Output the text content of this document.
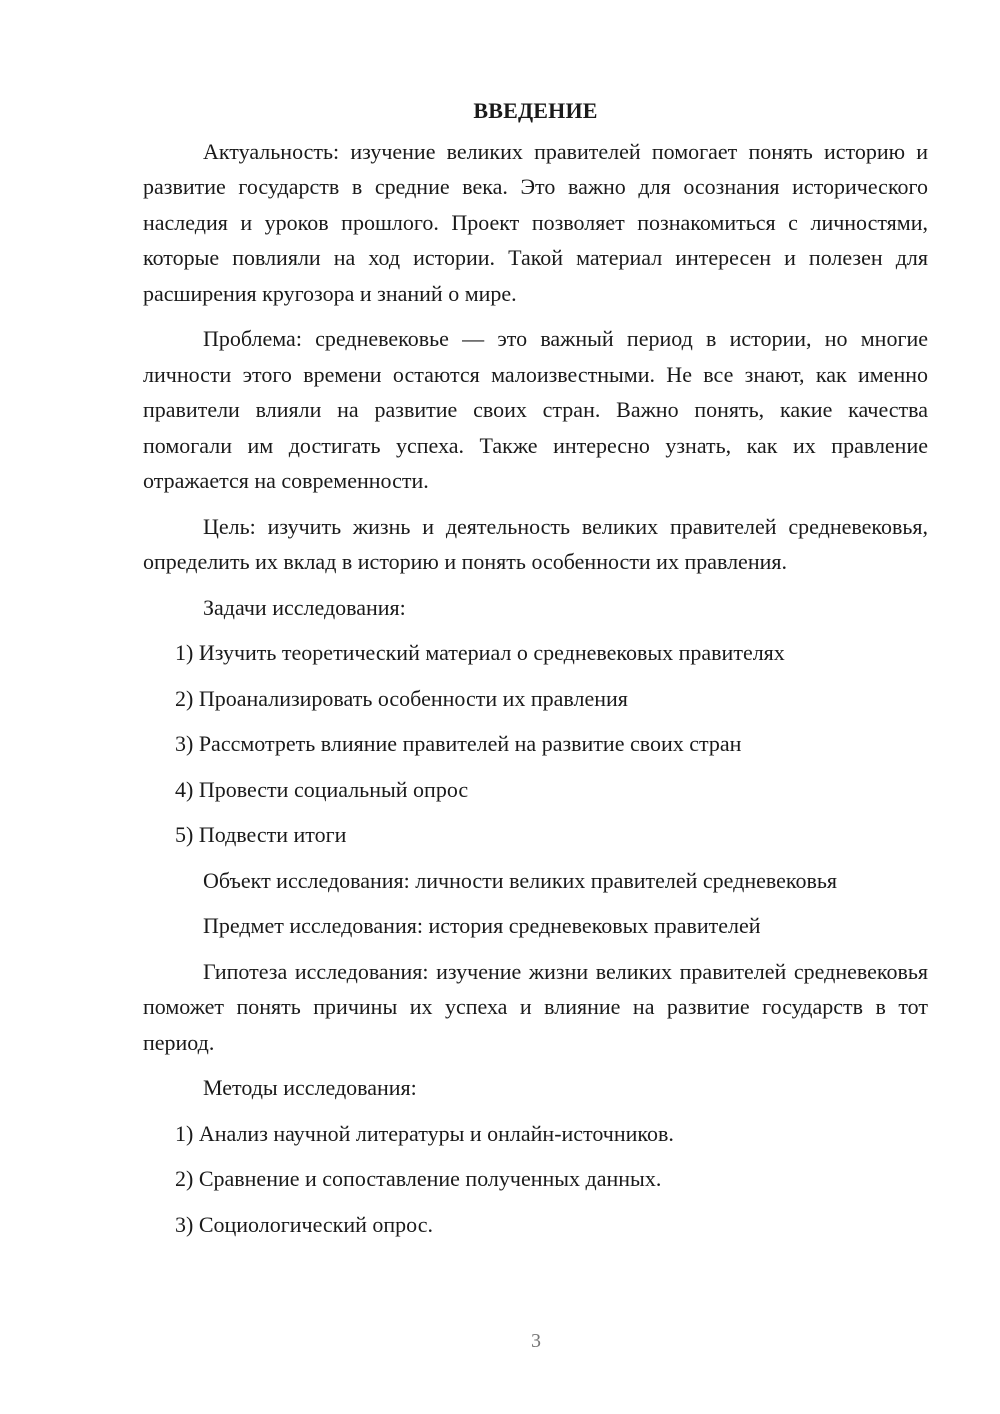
ВВЕДЕНИЕ

Актуальность: изучение великих правителей помогает понять историю и развитие государств в средние века. Это важно для осознания исторического наследия и уроков прошлого. Проект позволяет познакомиться с личностями, которые повлияли на ход истории. Такой материал интересен и полезен для расширения кругозора и знаний о мире.

Проблема: средневековье — это важный период в истории, но многие личности этого времени остаются малоизвестными. Не все знают, как именно правители влияли на развитие своих стран. Важно понять, какие качества помогали им достигать успеха. Также интересно узнать, как их правление отражается на современности.

Цель: изучить жизнь и деятельность великих правителей средневековья, определить их вклад в историю и понять особенности их правления.

Задачи исследования:

1) Изучить теоретический материал о средневековых правителях

2) Проанализировать особенности их правления

3) Рассмотреть влияние правителей на развитие своих стран

4) Провести социальный опрос

5) Подвести итоги

Объект исследования: личности великих правителей средневековья

Предмет исследования: история средневековых правителей

Гипотеза исследования: изучение жизни великих правителей средневековья поможет понять причины их успеха и влияние на развитие государств в тот период.

Методы исследования:

1) Анализ научной литературы и онлайн-источников.

2) Сравнение и сопоставление полученных данных.

3) Социологический опрос.

3
